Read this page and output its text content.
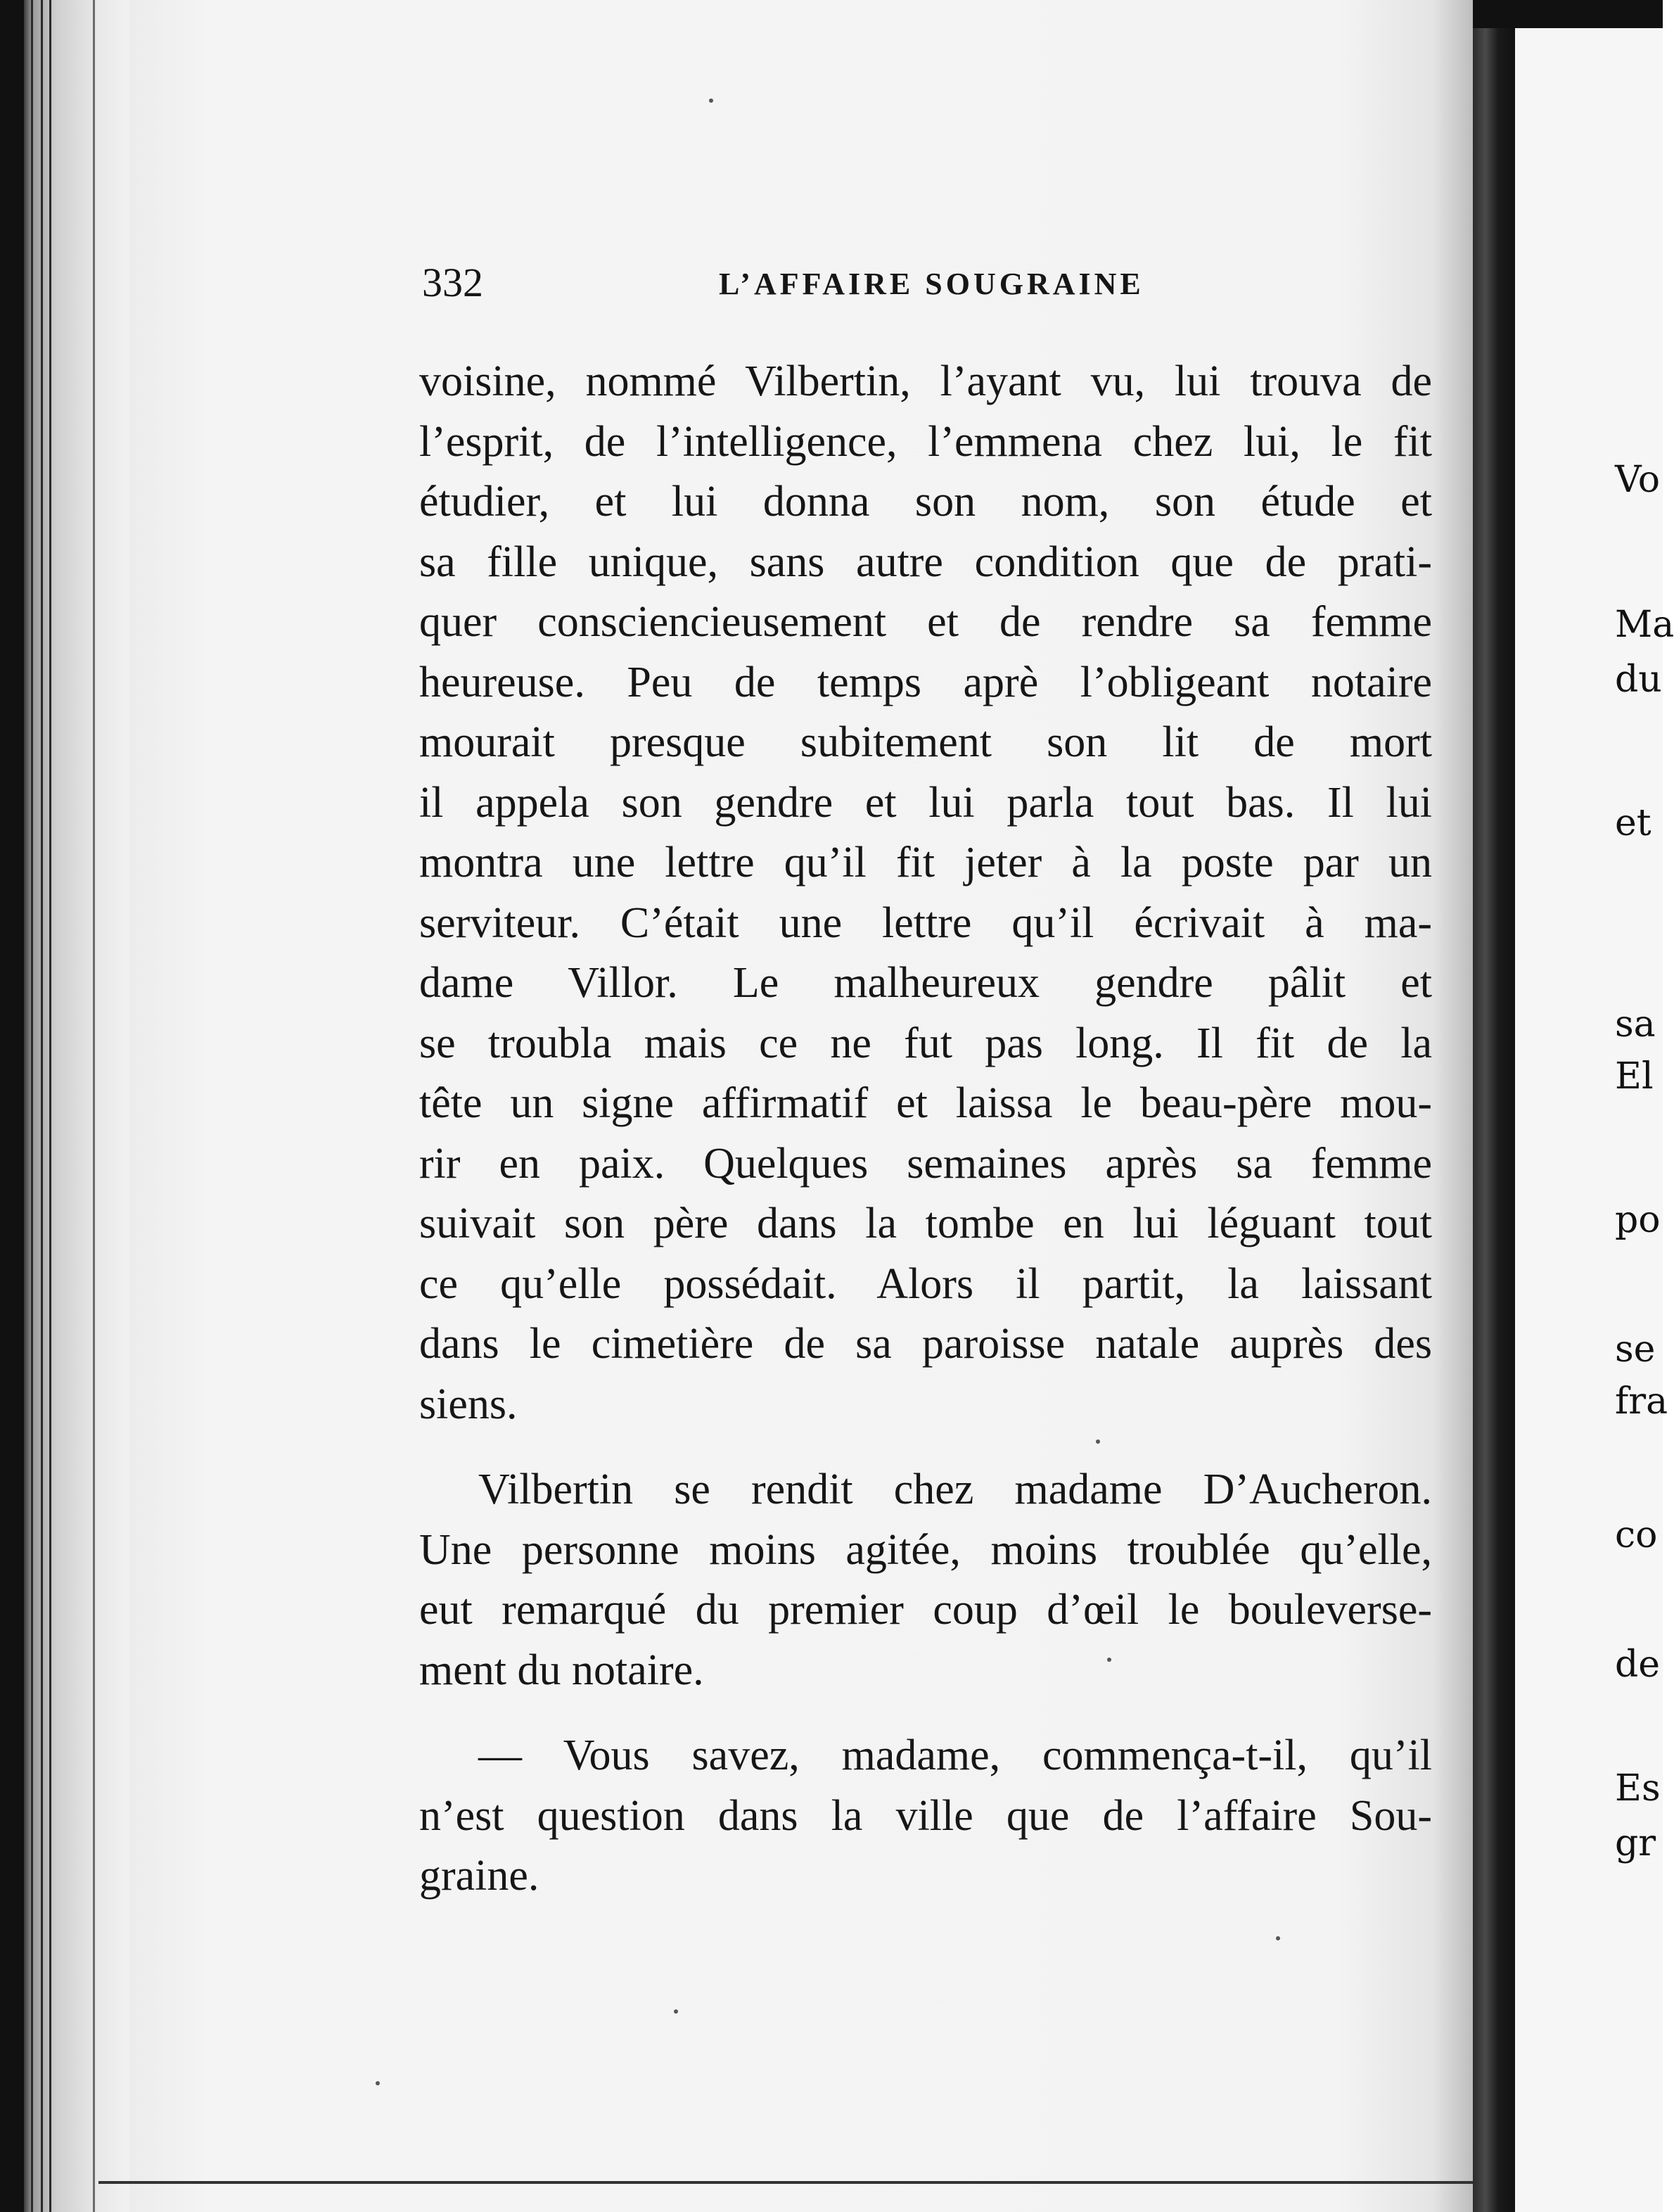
Vo
Ma
du
et
sa
El
po
se
fra
co
de
Es
gr
332	L’AFFAIRE SOUGRAINE
voisine, nommé Vilbertin, l’ayant vu, lui trouva de
l’esprit, de l’intelligence, l’emmena chez lui, le fit
étudier, et lui donna son nom, son étude et
sa fille unique, sans autre condition que de prati-
quer consciencieusement et de rendre sa femme
heureuse. Peu de temps aprè l’obligeant notaire
mourait presque subitement son lit de mort
il appela son gendre et lui parla tout bas. Il lui
montra une lettre qu’il fit jeter à la poste par un
serviteur. C’était une lettre qu’il écrivait à ma-
dame Villor. Le malheureux gendre pâlit et
se troubla mais ce ne fut pas long. Il fit de la
tête un signe affirmatif et laissa le beau-père mou-
rir en paix. Quelques semaines après sa femme
suivait son père dans la tombe en lui léguant tout
ce qu’elle possédait. Alors il partit, la laissant
dans le cimetière de sa paroisse natale auprès des
siens.
Vilbertin se rendit chez madame D’Aucheron.
Une personne moins agitée, moins troublée qu’elle,
eut remarqué du premier coup d’œil le bouleverse-
ment du notaire.
— Vous savez, madame, commença-t-il, qu’il
n’est question dans la ville que de l’affaire Sou-
graine.
